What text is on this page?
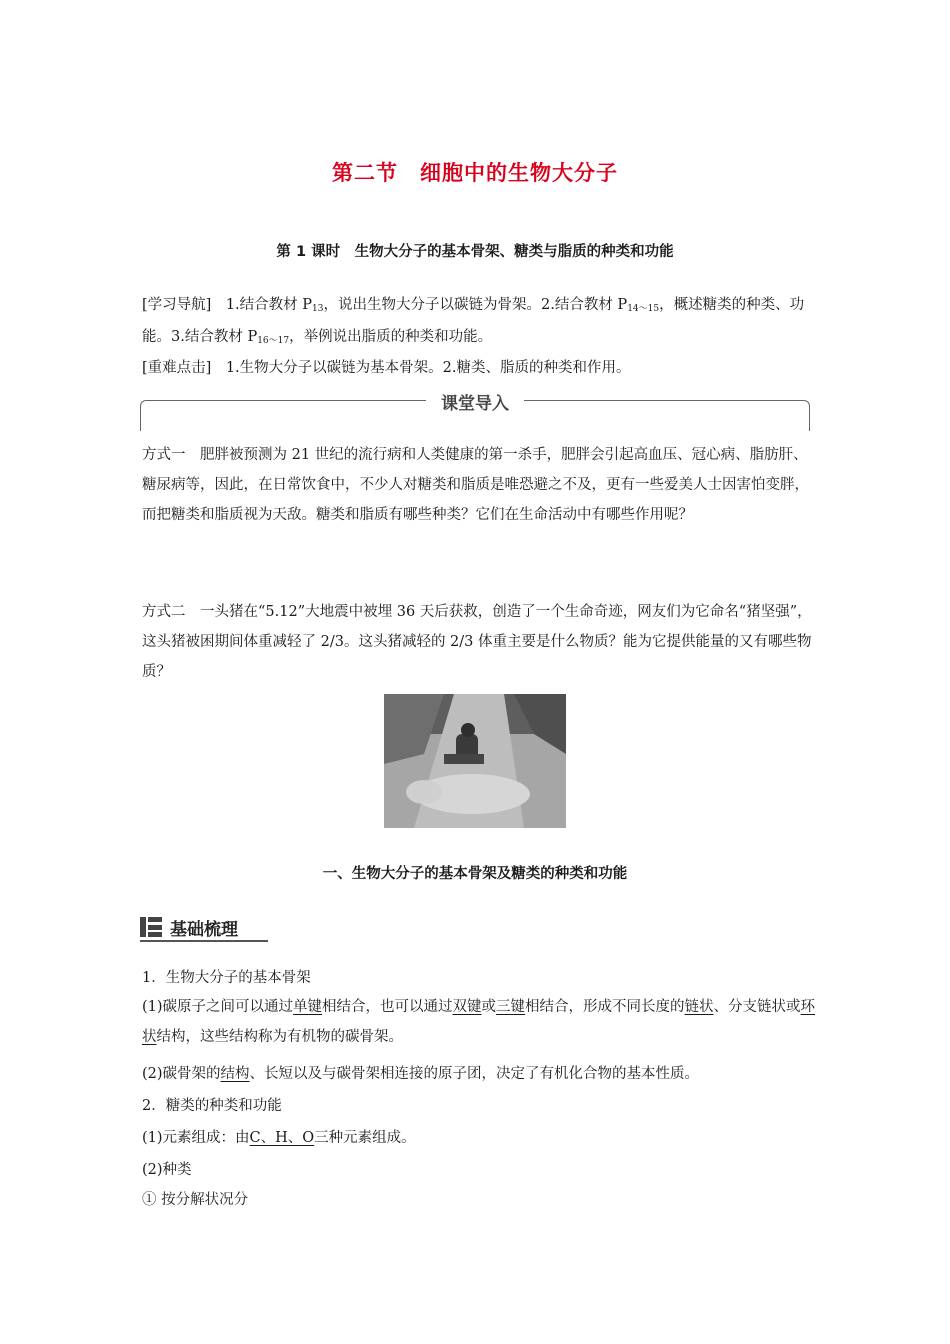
第二节　细胞中的生物大分子
第 1 课时　生物大分子的基本骨架、糖类与脂质的种类和功能
[学习导航]　1.结合教材 P13，说出生物大分子以碳链为骨架。2.结合教材 P14～15，概述糖类的种类、功能。3.结合教材 P16～17，举例说出脂质的种类和功能。
[重难点击]　1.生物大分子以碳链为基本骨架。2.糖类、脂质的种类和作用。
课堂导入
方式一　肥胖被预测为 21 世纪的流行病和人类健康的第一杀手，肥胖会引起高血压、冠心病、脂肪肝、糖尿病等，因此，在日常饮食中，不少人对糖类和脂质是唯恐避之不及，更有一些爱美人士因害怕变胖，而把糖类和脂质视为天敌。糖类和脂质有哪些种类？它们在生命活动中有哪些作用呢？
方式二　一头猪在“5.12”大地震中被埋 36 天后获救，创造了一个生命奇迹，网友们为它命名“猪坚强”，这头猪被困期间体重减轻了 2/3。这头猪减轻的 2/3 体重主要是什么物质？能为它提供能量的又有哪些物质？
一、生物大分子的基本骨架及糖类的种类和功能
基础梳理
1．生物大分子的基本骨架
(1)碳原子之间可以通过单键相结合，也可以通过双键或三键相结合，形成不同长度的链状、分支链状或环状结构，这些结构称为有机物的碳骨架。
(2)碳骨架的结构、长短以及与碳骨架相连接的原子团，决定了有机化合物的基本性质。
2．糖类的种类和功能
(1)元素组成：由C、H、O三种元素组成。
(2)种类
① 按分解状况分
